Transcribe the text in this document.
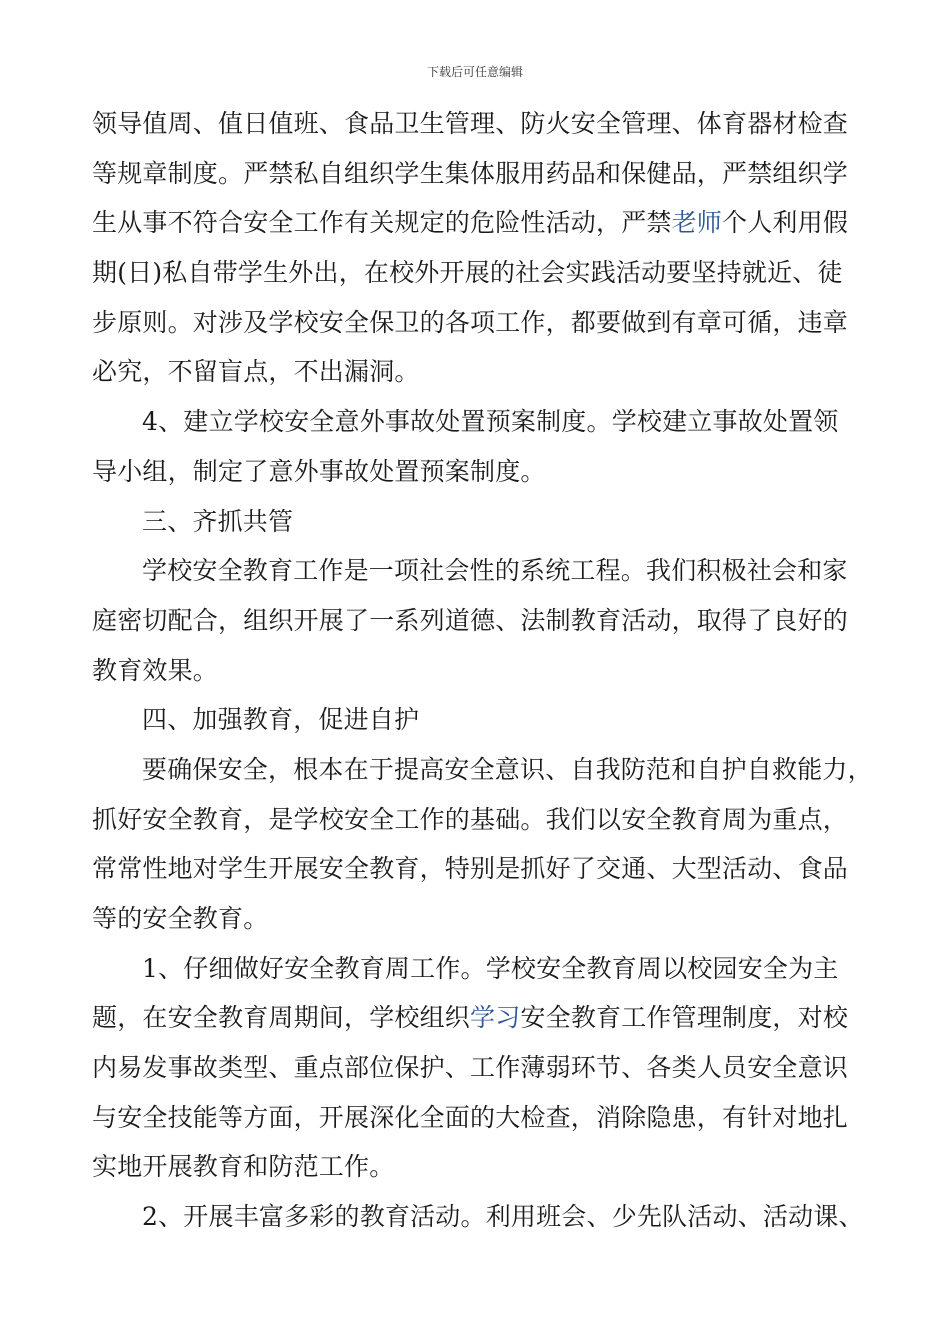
下载后可任意编辑
领导值周、值日值班、食品卫生管理、防火安全管理、体育器材检查
等规章制度。严禁私自组织学生集体服用药品和保健品，严禁组织学
生从事不符合安全工作有关规定的危险性活动，严禁老师个人利用假
期(日)私自带学生外出，在校外开展的社会实践活动要坚持就近、徒
步原则。对涉及学校安全保卫的各项工作，都要做到有章可循，违章
必究，不留盲点，不出漏洞。
4、建立学校安全意外事故处置预案制度。学校建立事故处置领
导小组，制定了意外事故处置预案制度。
三、齐抓共管
学校安全教育工作是一项社会性的系统工程。我们积极社会和家
庭密切配合，组织开展了一系列道德、法制教育活动，取得了良好的
教育效果。
四、加强教育，促进自护
要确保安全，根本在于提高安全意识、自我防范和自护自救能力，
抓好安全教育，是学校安全工作的基础。我们以安全教育周为重点，
常常性地对学生开展安全教育，特别是抓好了交通、大型活动、食品
等的安全教育。
1、仔细做好安全教育周工作。学校安全教育周以校园安全为主
题，在安全教育周期间，学校组织学习安全教育工作管理制度，对校
内易发事故类型、重点部位保护、工作薄弱环节、各类人员安全意识
与安全技能等方面，开展深化全面的大检查，消除隐患，有针对地扎
实地开展教育和防范工作。
2、开展丰富多彩的教育活动。利用班会、少先队活动、活动课、
